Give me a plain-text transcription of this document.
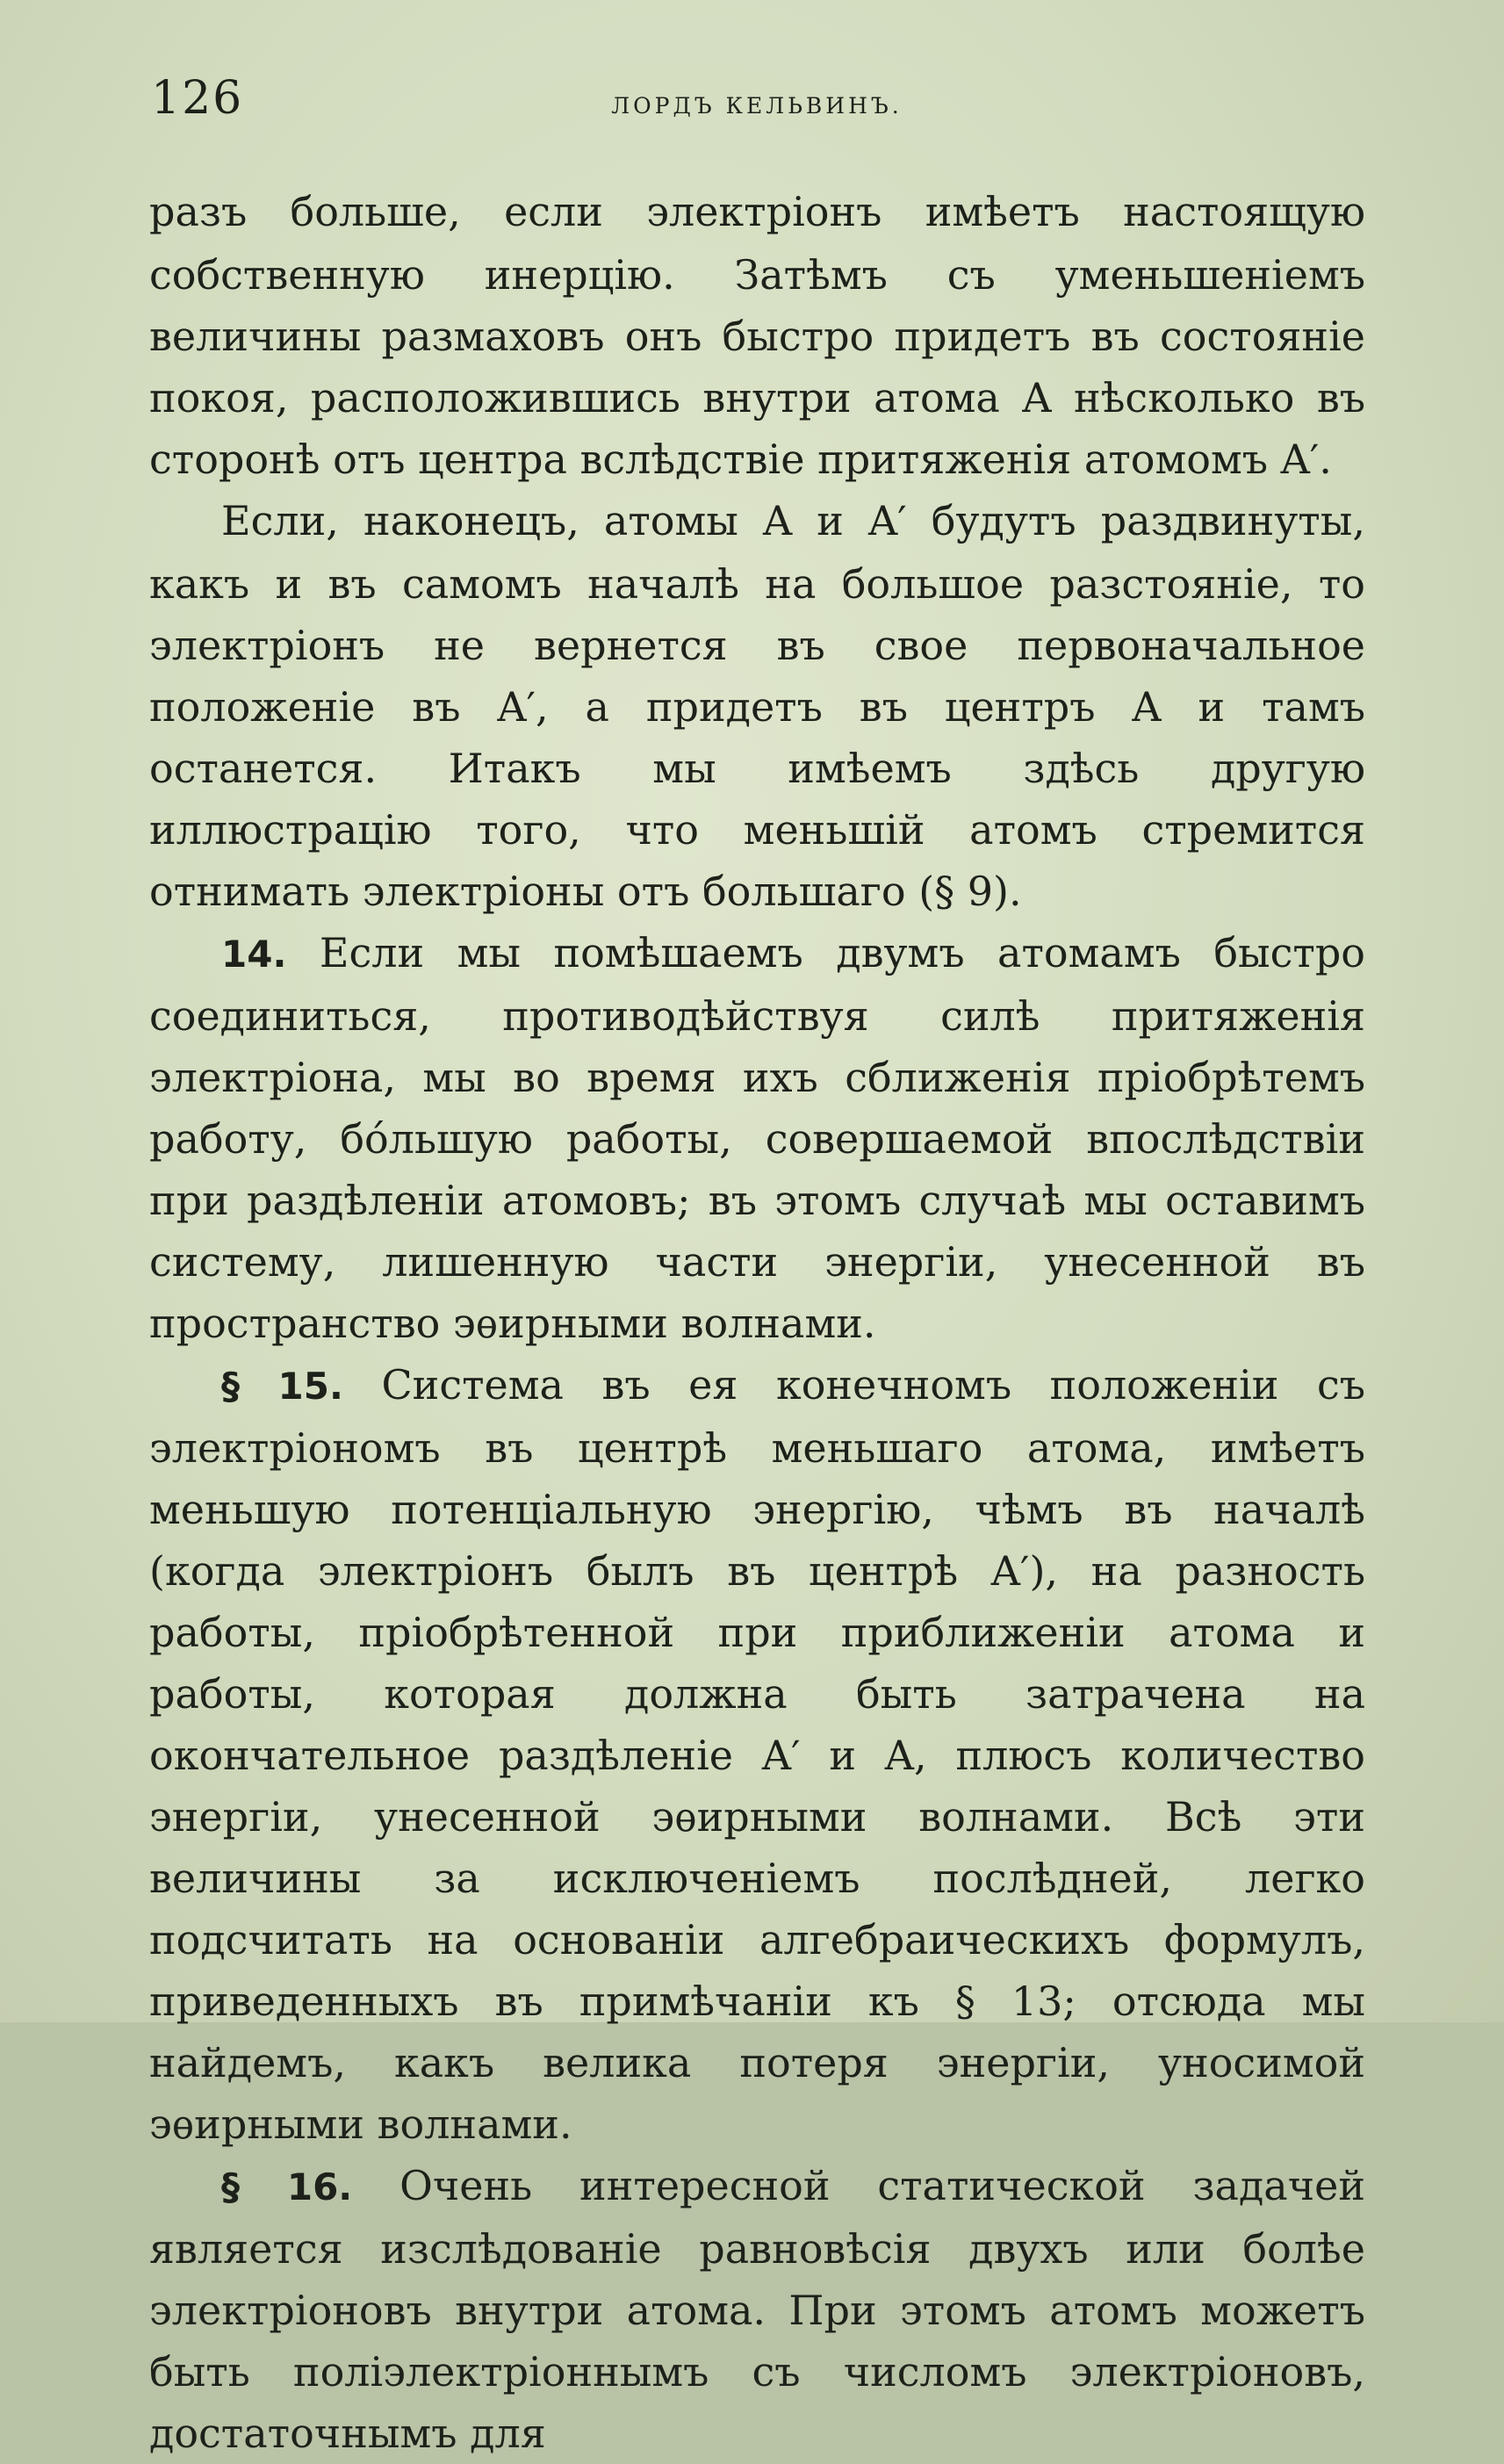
126	ЛОРДЪ КЕЛЬВИНЪ.

разъ больше, если электріонъ имѣетъ настоящую собственную инерцію. Затѣмъ съ уменьшеніемъ величины размаховъ онъ быстро придетъ въ состояніе покоя, расположившись внутри атома A нѣсколько въ сторонѣ отъ центра вслѣдствіе притяженія атомомъ A′.

Если, наконецъ, атомы A и A′ будутъ раздвинуты, какъ и въ самомъ началѣ на большое разстояніе, то электріонъ не вернется въ свое первоначальное положеніе въ A′, а придетъ въ центръ A и тамъ останется. Итакъ мы имѣемъ здѣсь другую иллюстрацію того, что меньшій атомъ стремится отнимать электріоны отъ большаго (§ 9).

14. Если мы помѣшаемъ двумъ атомамъ быстро соединиться, противодѣйствуя силѣ притяженія электріона, мы во время ихъ сближенія пріобрѣтемъ работу, бóльшую работы, совершаемой впослѣдствіи при раздѣленіи атомовъ; въ этомъ случаѣ мы оставимъ систему, лишенную части энергіи, унесенной въ пространство эѳирными волнами.

§ 15. Система въ ея конечномъ положеніи съ электріономъ въ центрѣ меньшаго атома, имѣетъ меньшую потенціальную энергію, чѣмъ въ началѣ (когда электріонъ былъ въ центрѣ A′), на разность работы, пріобрѣтенной при приближеніи атома и работы, которая должна быть затрачена на окончательное раздѣленіе A′ и A, плюсъ количество энергіи, унесенной эѳирными волнами. Всѣ эти величины за исключеніемъ послѣдней, легко подсчитать на основаніи алгебраическихъ формулъ, приведенныхъ въ примѣчаніи къ § 13; отсюда мы найдемъ, какъ велика потеря энергіи, уносимой эѳирными волнами.

§ 16. Очень интересной статической задачей является изслѣдованіе равновѣсія двухъ или болѣе электріоновъ внутри атома. При этомъ атомъ можетъ быть поліэлектріоннымъ съ числомъ электріоновъ, достаточнымъ для
